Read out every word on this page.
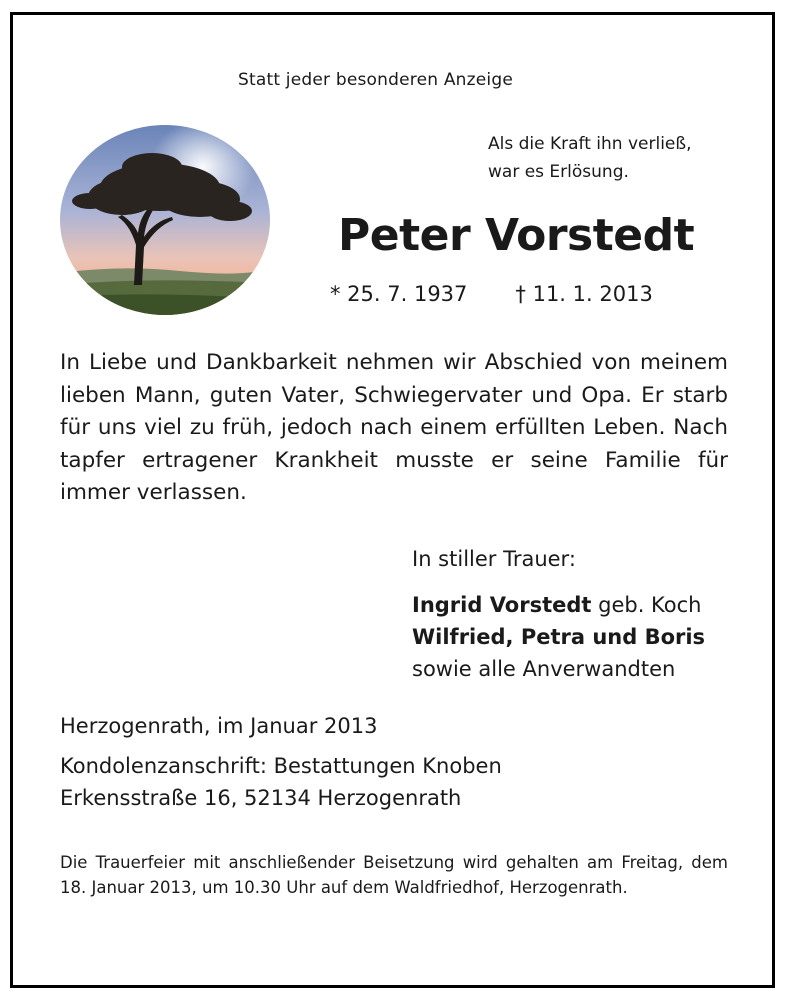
Statt jeder besonderen Anzeige
Als die Kraft ihn verließ,
war es Erlösung.
Peter Vorstedt
* 25. 7. 1937 † 11. 1. 2013
In Liebe und Dankbarkeit nehmen wir Abschied von meinem lieben Mann, guten Vater, Schwiegervater und Opa. Er starb für uns viel zu früh, jedoch nach einem erfüllten Leben. Nach tapfer ertragener Krankheit musste er seine Familie für immer verlassen.
In stiller Trauer:
Ingrid Vorstedt geb. Koch
Wilfried, Petra und Boris
sowie alle Anverwandten
Herzogenrath, im Januar 2013
Kondolenzanschrift: Bestattungen Knoben
Erkensstraße 16, 52134 Herzogenrath
Die Trauerfeier mit anschließender Beisetzung wird gehalten am Freitag, dem 18. Januar 2013, um 10.30 Uhr auf dem Waldfriedhof, Herzogenrath.
